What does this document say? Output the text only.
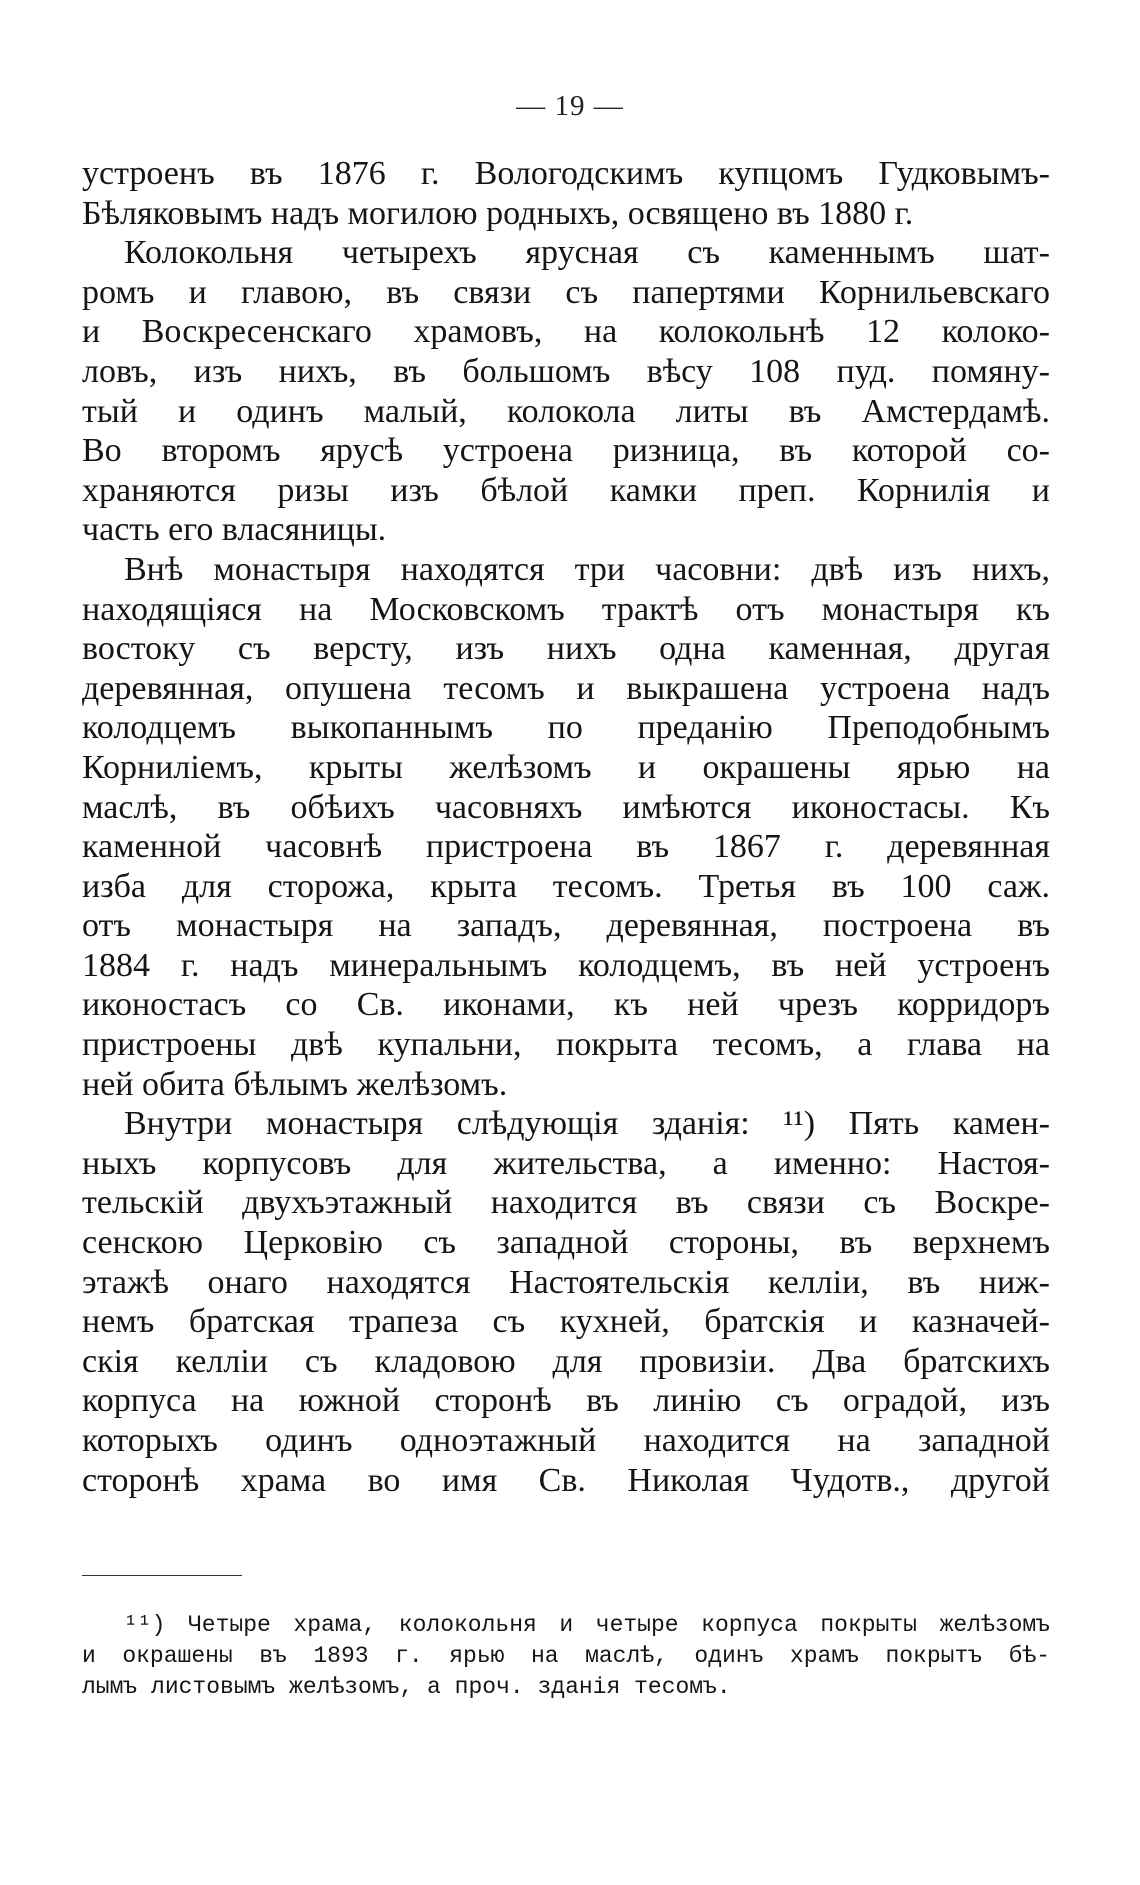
— 19 —
устроенъ въ 1876 г. Вологодскимъ купцомъ Гудковымъ-
Бѣляковымъ надъ могилою родныхъ, освящено въ 1880 г.
Колокольня четырехъ ярусная съ каменнымъ шат-
ромъ и главою, въ связи съ папертями Корнильевскаго
и Воскресенскаго храмовъ, на колокольнѣ 12 колоко-
ловъ, изъ нихъ, въ большомъ вѣсу 108 пуд. помяну-
тый и одинъ малый, колокола литы въ Амстердамѣ.
Во второмъ ярусѣ устроена ризница, въ которой со-
храняются ризы изъ бѣлой камки преп. Корнилія и
часть его власяницы.
Внѣ монастыря находятся три часовни: двѣ изъ нихъ,
находящіяся на Московскомъ трактѣ отъ монастыря къ
востоку съ версту, изъ нихъ одна каменная, другая
деревянная, опушена тесомъ и выкрашена устроена надъ
колодцемъ выкопаннымъ по преданію Преподобнымъ
Корниліемъ, крыты желѣзомъ и окрашены ярью на
маслѣ, въ обѣихъ часовняхъ имѣются иконостасы. Къ
каменной часовнѣ пристроена въ 1867 г. деревянная
изба для сторожа, крыта тесомъ. Третья въ 100 саж.
отъ монастыря на западъ, деревянная, построена въ
1884 г. надъ минеральнымъ колодцемъ, въ ней устроенъ
иконостасъ со Св. иконами, къ ней чрезъ корридоръ
пристроены двѣ купальни, покрыта тесомъ, а глава на
ней обита бѣлымъ желѣзомъ.
Внутри монастыря слѣдующія зданія: ¹¹) Пять камен-
ныхъ корпусовъ для жительства, а именно: Настоя-
тельскій двухъэтажный находится въ связи съ Воскре-
сенскою Церковію съ западной стороны, въ верхнемъ
этажѣ онаго находятся Настоятельскія келліи, въ ниж-
немъ братская трапеза съ кухней, братскія и казначей-
скія келліи съ кладовою для провизіи. Два братскихъ
корпуса на южной сторонѣ въ линію съ оградой, изъ
которыхъ одинъ одноэтажный находится на западной
сторонѣ храма во имя Св. Николая Чудотв., другой
¹¹) Четыре храма, колокольня и четыре корпуса покрыты желѣзомъ
и окрашены въ 1893 г. ярью на маслѣ, одинъ храмъ покрытъ бѣ-
лымъ листовымъ желѣзомъ, а проч. зданія тесомъ.
